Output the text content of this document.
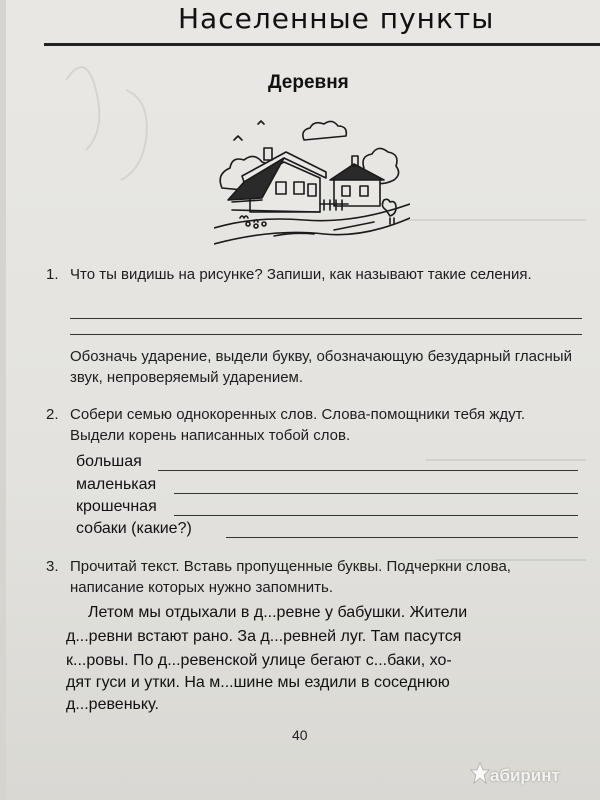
Населенные пункты
Деревня
1. Что ты видишь на рисунке? Запиши, как называют такие селения.
Обозначь ударение, выдели букву, обозначающую безударный гласный звук, непроверяемый ударением.
2. Собери семью однокоренных слов. Слова-помощники тебя ждут. Выдели корень написанных тобой слов.
большая
маленькая
крошечная
собаки (какие?)
3. Прочитай текст. Вставь пропущенные буквы. Подчеркни слова, написание которых нужно запомнить.
Летом мы отдыхали в д...ревне у бабушки. Жители
д...ревни встают рано. За д...ревней луг. Там пасутся
к...ровы. По д...ревенской улице бегают с...баки, хо-
дят гуси и утки. На м...шине мы ездили в соседнюю
д...ревеньку.
40
абиринт
